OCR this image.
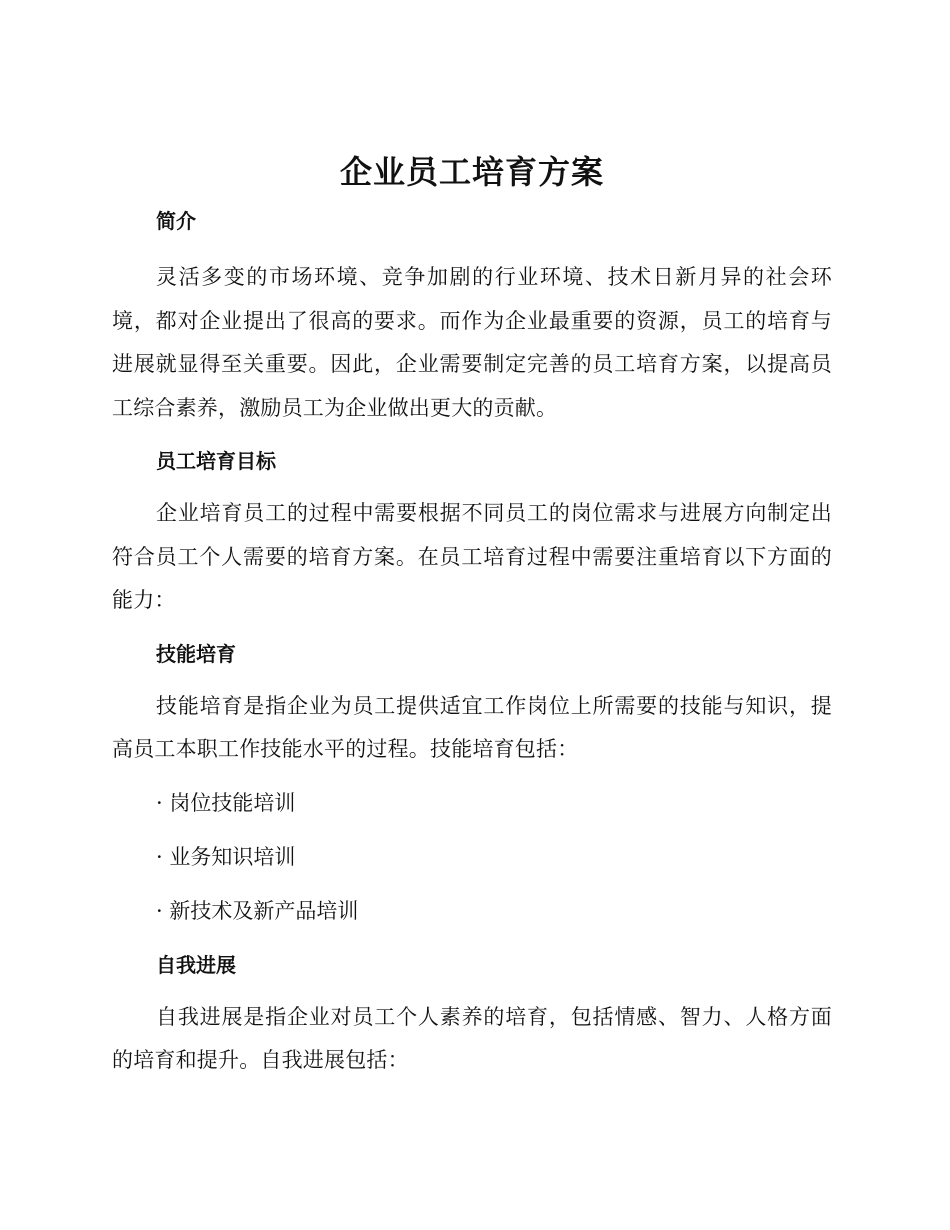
企业员工培育方案
简介

灵活多变的市场环境、竞争加剧的行业环境、技术日新月异的社会环境，都对企业提出了很高的要求。而作为企业最重要的资源，员工的培育与进展就显得至关重要。因此，企业需要制定完善的员工培育方案，以提高员工综合素养，激励员工为企业做出更大的贡献。

员工培育目标

企业培育员工的过程中需要根据不同员工的岗位需求与进展方向制定出符合员工个人需要的培育方案。在员工培育过程中需要注重培育以下方面的能力：

技能培育

技能培育是指企业为员工提供适宜工作岗位上所需要的技能与知识，提高员工本职工作技能水平的过程。技能培育包括：

· 岗位技能培训

· 业务知识培训

· 新技术及新产品培训

自我进展

自我进展是指企业对员工个人素养的培育，包括情感、智力、人格方面的培育和提升。自我进展包括：
